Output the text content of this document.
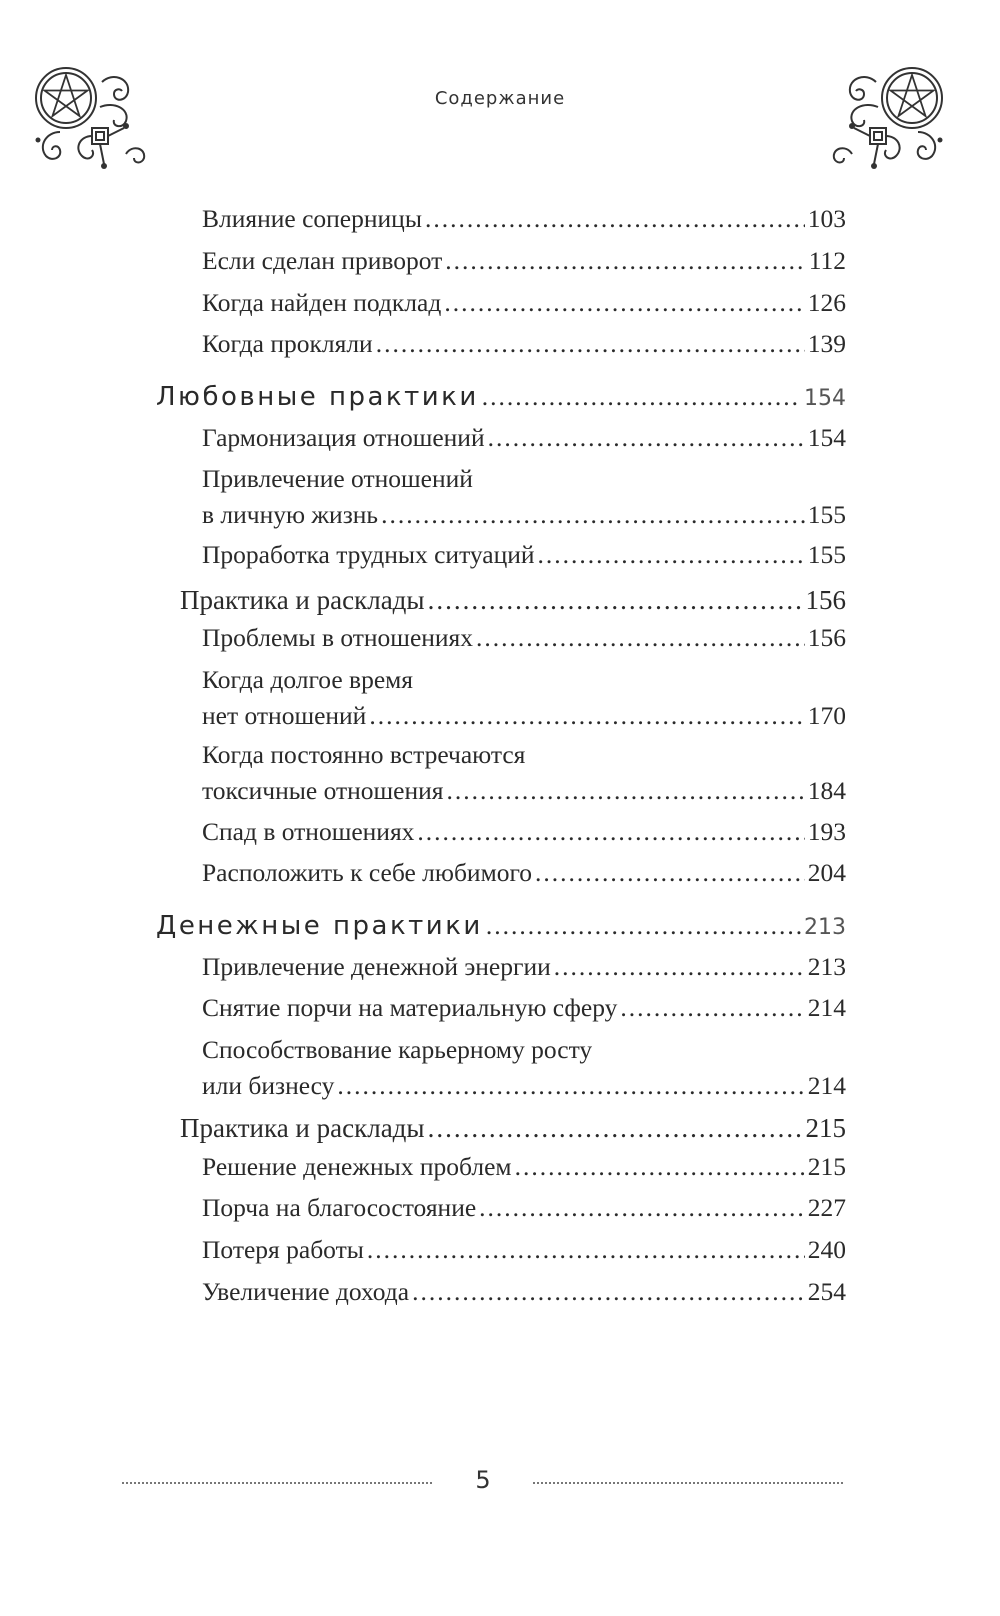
Содержание
Влияние соперницы .....	103
Если сделан приворот .....	112
Когда найден подклад .....	126
Когда прокляли .....	139
Любовные практики .....	154
Гармонизация отношений .....	154
Привлечение отношений
в личную жизнь .....	155
Проработка трудных ситуаций .....	155
Практика и расклады .....	156
Проблемы в отношениях .....	156
Когда долгое время
нет отношений .....	170
Когда постоянно встречаются
токсичные отношения .....	184
Спад в отношениях .....	193
Расположить к себе любимого .....	204
Денежные практики .....	213
Привлечение денежной энергии .....	213
Снятие порчи на материальную сферу .....	214
Способствование карьерному росту
или бизнесу .....	214
Практика и расклады .....	215
Решение денежных проблем .....	215
Порча на благосостояние .....	227
Потеря работы .....	240
Увеличение дохода .....	254
5
